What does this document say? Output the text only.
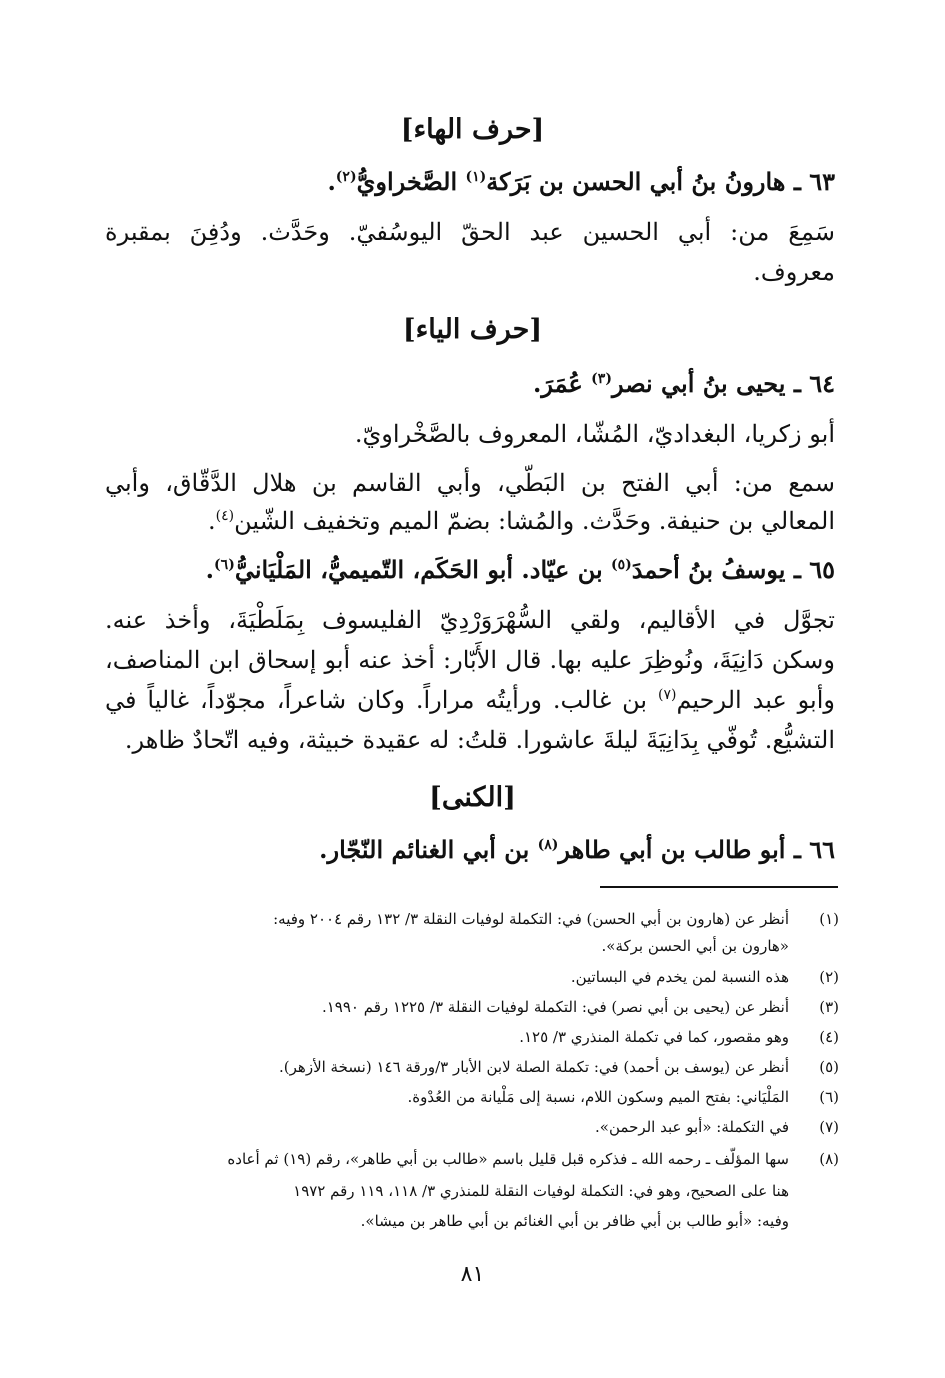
[حرف الهاء]
٦٣ ـ هارونُ بنُ أبي الحسن بن بَرَكة$^{(١)}$ الصَّخراويُّ$^{(٢)}$.
سَمِعَ من: أبي الحسين عبد الحقّ اليوسُفيّ. وحَدَّث. ودُفِنَ بمقبرة
معروف.
[حرف الياء]
٦٤ ـ يحيى بنُ أبي نصر$^{(٣)}$ عُمَرَ.
أبو زكريا، البغداديّ، المُشّا، المعروف بالصَّخْراويّ.
سمع من: أبي الفتح بن البَطّي، وأبي القاسم بن هلال الدَّقّاق، وأبي
المعالي بن حنيفة. وحَدَّث. والمُشا: بضمّ الميم وتخفيف الشّين$^{(٤)}$.
٦٥ ـ يوسفُ بنُ أحمدَ$^{(٥)}$ بن عيّاد. أبو الحَكَم، التّميميُّ، المَلْيَانيُّ$^{(٦)}$.
تجوَّل في الأقاليم، ولقي السُّهْرَوَرْدِيّ الفليسوف بِمَلَطْيَةَ، وأخذ عنه.
وسكن دَانِيَةَ، ونُوظِرَ عليه بها. قال الأَبّار: أخذ عنه أبو إسحاق ابن المناصف،
وأبو عبد الرحيم$^{(٧)}$ بن غالب. ورأيتُه مراراً. وكان شاعراً، مجوّداً، غالياً في
التشيُّع. تُوفّي بِدَانِيَةَ ليلةَ عاشورا. قلتُ: له عقيدة خبيثة، وفيه اتّحادٌ ظاهر.
[الكنى]
٦٦ ـ أبو طالب بن أبي طاهر$^{(٨)}$ بن أبي الغنائم النّجّار.
(١)
أنظر عن (هارون بن أبي الحسن) في: التكملة لوفيات النقلة ٣/ ١٣٢ رقم ٢٠٠٤ وفيه:
«هارون بن أبي الحسن بركة».
(٢)
هذه النسبة لمن يخدم في البساتين.
(٣)
أنظر عن (يحيى بن أبي نصر) في: التكملة لوفيات النقلة ٣/ ١٢٢٥ رقم ١٩٩٠.
(٤)
وهو مقصور، كما في تكملة المنذري ٣/ ١٢٥.
(٥)
أنظر عن (يوسف بن أحمد) في: تكملة الصلة لابن الأبار ٣/ورقة ١٤٦ (نسخة الأزهر).
(٦)
المَلْيَاني: بفتح الميم وسكون اللام، نسبة إلى مَلْيانة من العُدْوة.
(٧)
في التكملة: «أبو عبد الرحمن».
(٨)
سها المؤلّف ـ رحمه الله ـ فذكره قبل قليل باسم «طالب بن أبي طاهر»، رقم (١٩) ثم أعاده
هنا على الصحيح، وهو في: التكملة لوفيات النقلة للمنذري ٣/ ١١٨، ١١٩ رقم ١٩٧٢
وفيه: «أبو طالب بن أبي ظافر بن أبي الغنائم بن أبي طاهر بن ميشا».
٨١
